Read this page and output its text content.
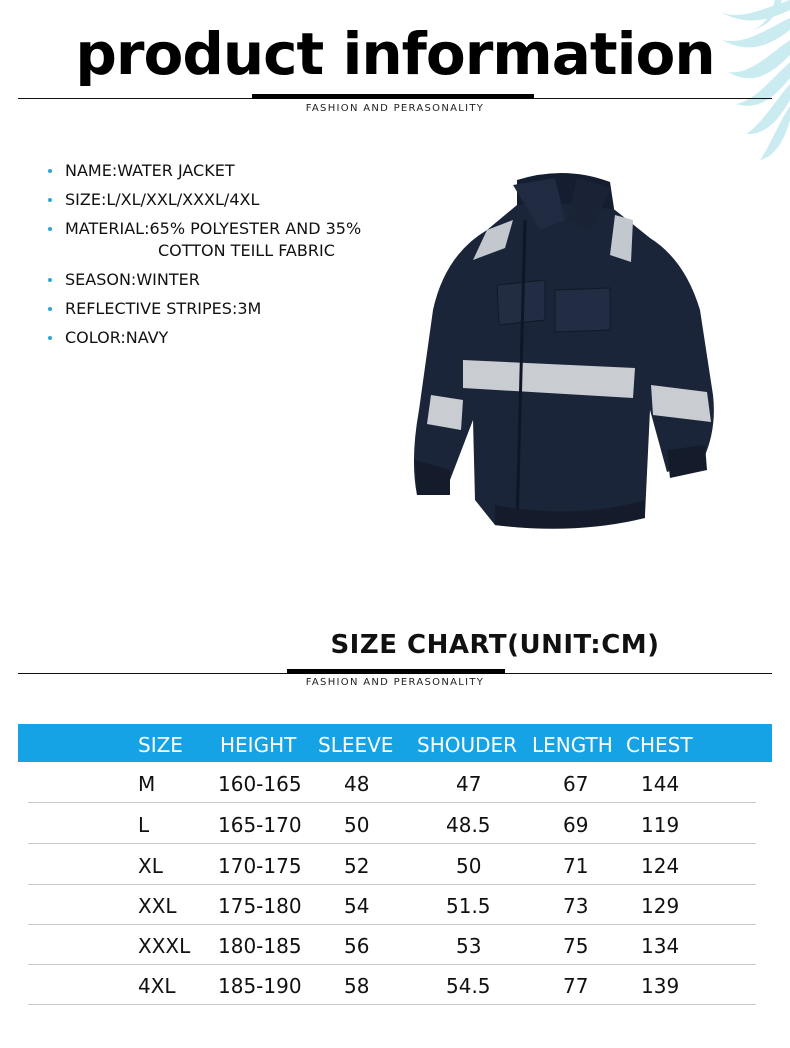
product information
FASHION AND PERASONALITY
NAME:WATER JACKET
SIZE:L/XL/XXL/XXXL/4XL
MATERIAL:65% POLYESTER AND 35%
COTTON TEILL FABRIC
SEASON:WINTER
REFLECTIVE STRIPES:3M
COLOR:NAVY
SIZE CHART(UNIT:CM)
FASHION AND PERASONALITY
SIZE HEIGHT SLEEVE SHOUDER LENGTH CHEST
M	160-165 48	47	67	144
L	165-170 50	48.5	69	119
XL	170-175 52	50	71	124
XXL 175-180 54	51.5	73	129
XXXL 180-185 56	53	75	134
4XL 185-190 58	54.5	77	139
